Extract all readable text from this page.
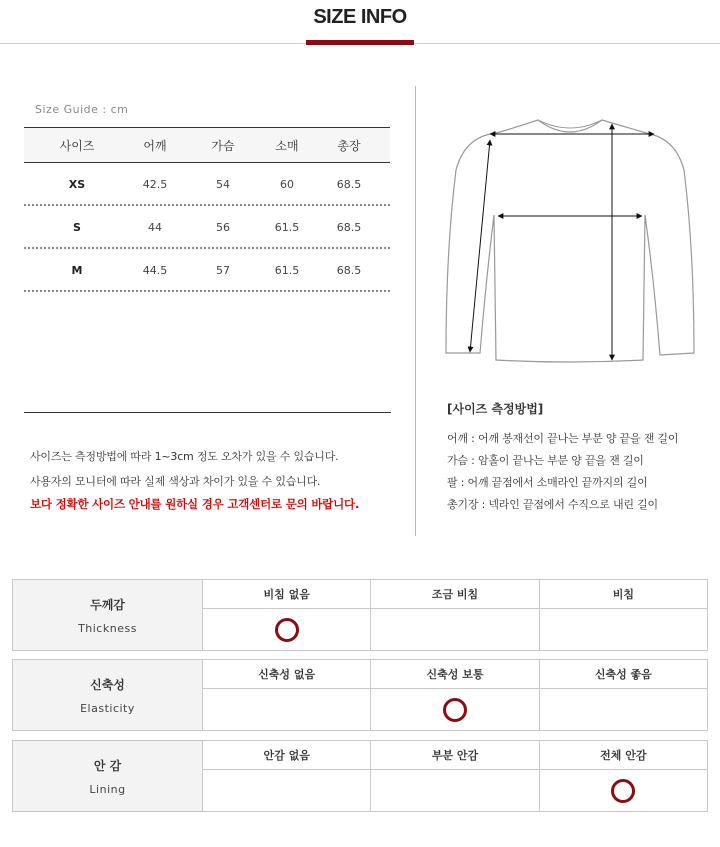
SIZE INFO
Size Guide : cm
사이즈	어깨	가슴	소매	총장
XS	42.5	54	60	68.5
S	44	56	61.5	68.5
M	44.5	57	61.5	68.5
사이즈는 측정방법에 따라 1~3cm 정도 오차가 있을 수 있습니다.
사용자의 모니터에 따라 실제 색상과 차이가 있을 수 있습니다.
보다 정확한 사이즈 안내를 원하실 경우 고객센터로 문의 바랍니다.
[사이즈 측정방법]
어깨 : 어깨 봉재선이 끝나는 부분 양 끝을 잰 길이
가슴 : 암홀이 끝나는 부분 양 끝을 잰 길이
팔 : 어깨 끝점에서 소매라인 끝까지의 길이
총기장 : 넥라인 끝점에서 수직으로 내린 길이
두께감
Thickness
비침 없음	조금 비침	비침
신축성
Elasticity
신축성 없음	신축성 보통	신축성 좋음
안 감
Lining
안감 없음	부분 안감	전체 안감
